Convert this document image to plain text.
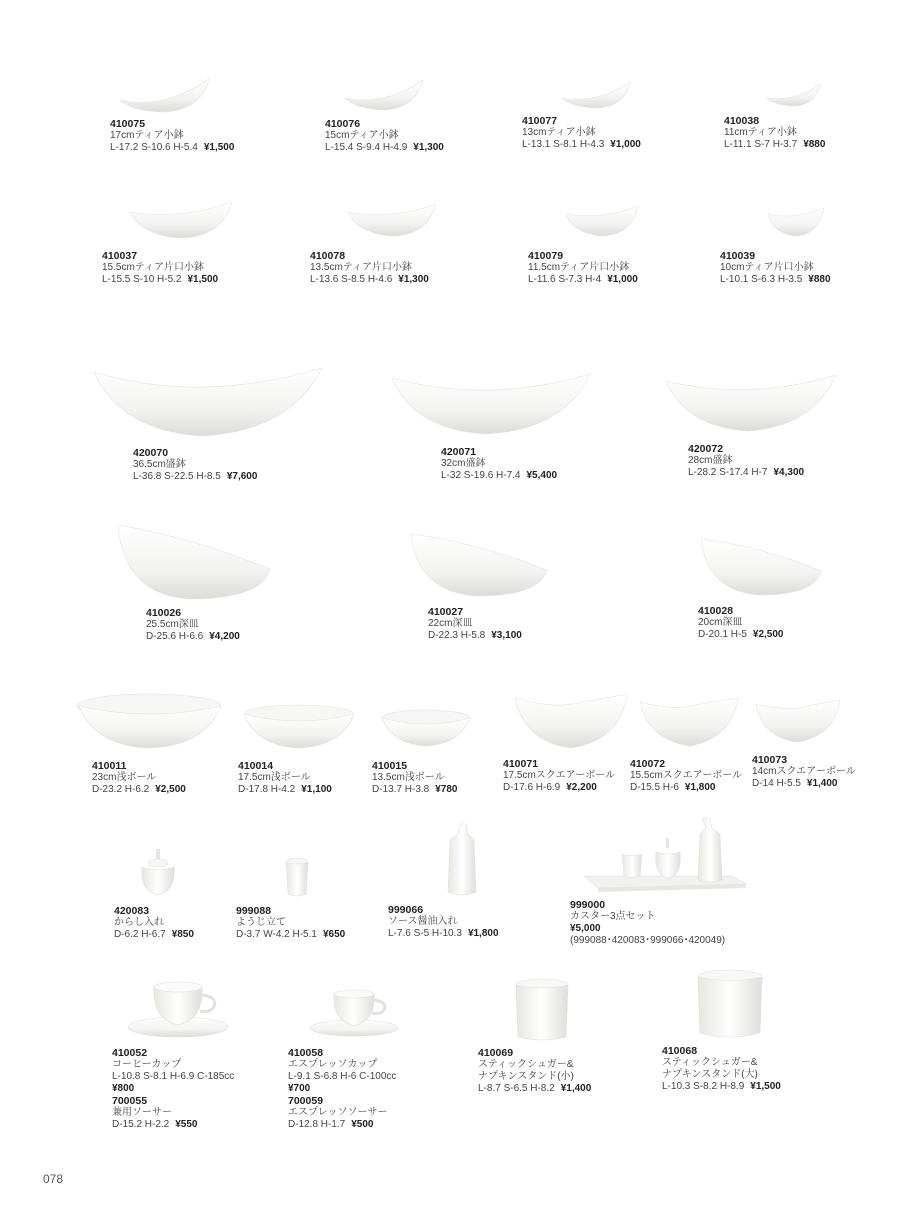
410075
17cmティア小鉢
L-17.2 S-10.6 H-5.4 ¥1,500
410076
15cmティア小鉢
L-15.4 S-9.4 H-4.9 ¥1,300
410077
13cmティア小鉢
L-13.1 S-8.1 H-4.3 ¥1,000
410038
11cmティア小鉢
L-11.1 S-7 H-3.7 ¥880
410037
15.5cmティア片口小鉢
L-15.5 S-10 H-5.2 ¥1,500
410078
13.5cmティア片口小鉢
L-13.6 S-8.5 H-4.6 ¥1,300
410079
11.5cmティア片口小鉢
L-11.6 S-7.3 H-4 ¥1,000
410039
10cmティア片口小鉢
L-10.1 S-6.3 H-3.5 ¥880
420070
36.5cm盛鉢
L-36.8 S-22.5 H-8.5 ¥7,600
420071
32cm盛鉢
L-32 S-19.6 H-7.4 ¥5,400
420072
28cm盛鉢
L-28.2 S-17.4 H-7 ¥4,300
410026
25.5cm深皿
D-25.6 H-6.6 ¥4,200
410027
22cm深皿
D-22.3 H-5.8 ¥3,100
410028
20cm深皿
D-20.1 H-5 ¥2,500
410011
23cm浅ボール
D-23.2 H-6.2 ¥2,500
410014
17.5cm浅ボール
D-17.8 H-4.2 ¥1,100
410015
13.5cm浅ボール
D-13.7 H-3.8 ¥780
410071
17.5cmスクエアーボール
D-17.6 H-6.9 ¥2,200
410072
15.5cmスクエアーボール
D-15.5 H-6 ¥1,800
410073
14cmスクエアーボール
D-14 H-5.5 ¥1,400
420083
からし入れ
D-6.2 H-6.7 ¥850
999088
ようじ立て
D-3.7 W-4.2 H-5.1 ¥650
999066
ソース醤油入れ
L-7.6 S-5 H-10.3 ¥1,800
999000
カスター3点セット
¥5,000
(999088･420083･999066･420049)
410052
コーヒーカップ
L-10.8 S-8.1 H-6.9 C-185cc
¥800
700055
兼用ソーサー
D-15.2 H-2.2 ¥550
410058
エスプレッソカップ
L-9.1 S-6.8 H-6 C-100cc
¥700
700059
エスプレッソソーサー
D-12.8 H-1.7 ¥500
410069
スティックシュガー&
ナプキンスタンド(小)
L-8.7 S-6.5 H-8.2 ¥1,400
410068
スティックシュガー&
ナプキンスタンド(大)
L-10.3 S-8.2 H-8.9 ¥1,500
078
